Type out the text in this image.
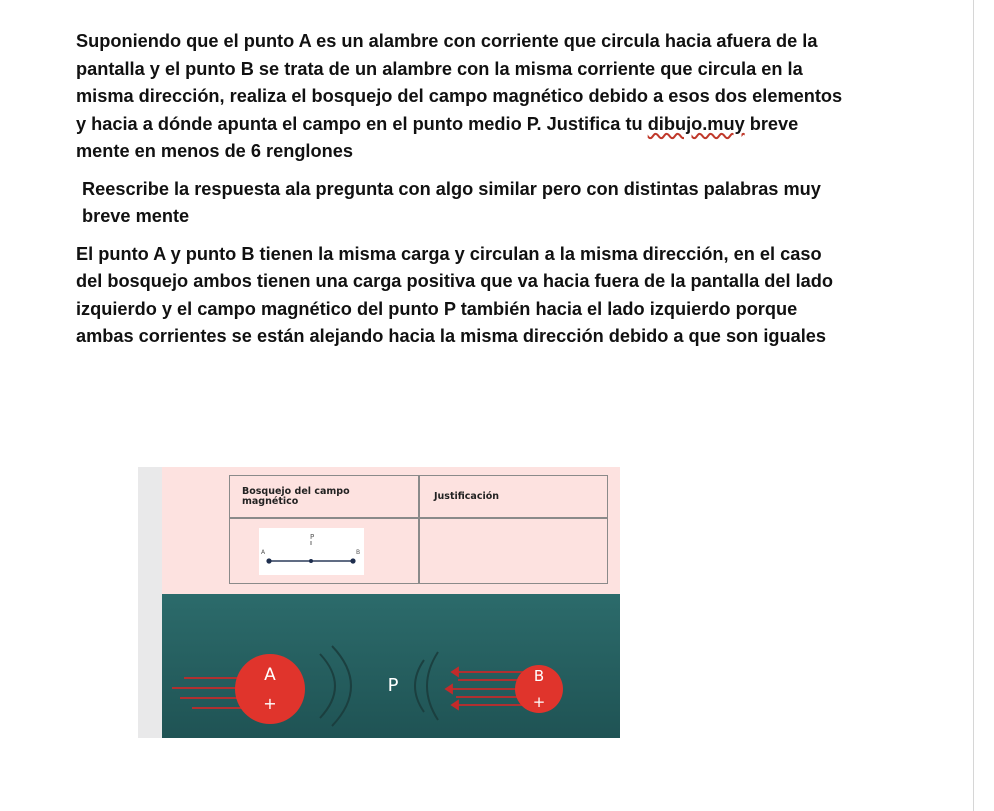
Suponiendo que el punto A es un alambre con corriente que circula hacia afuera de la pantalla y el punto B se trata de un alambre con la misma corriente que circula en la misma dirección, realiza el bosquejo del campo magnético debido a esos dos elementos y hacia a dónde apunta el campo en el punto medio P. Justifica tu dibujo.muy breve mente en menos de 6 renglones

Reescribe la respuesta ala pregunta con algo similar pero con distintas palabras muy breve mente

El punto A y punto B tienen la misma carga y circulan a la misma dirección, en el caso del bosquejo ambos tienen una carga positiva que va hacia fuera de la pantalla del lado izquierdo y el campo magnético del punto P también hacia el lado izquierdo porque ambas corrientes se están alejando hacia la misma dirección debido a que son iguales

Bosquejo del campo magnético	Justificación
P
A	B
A
+
P	B
+
